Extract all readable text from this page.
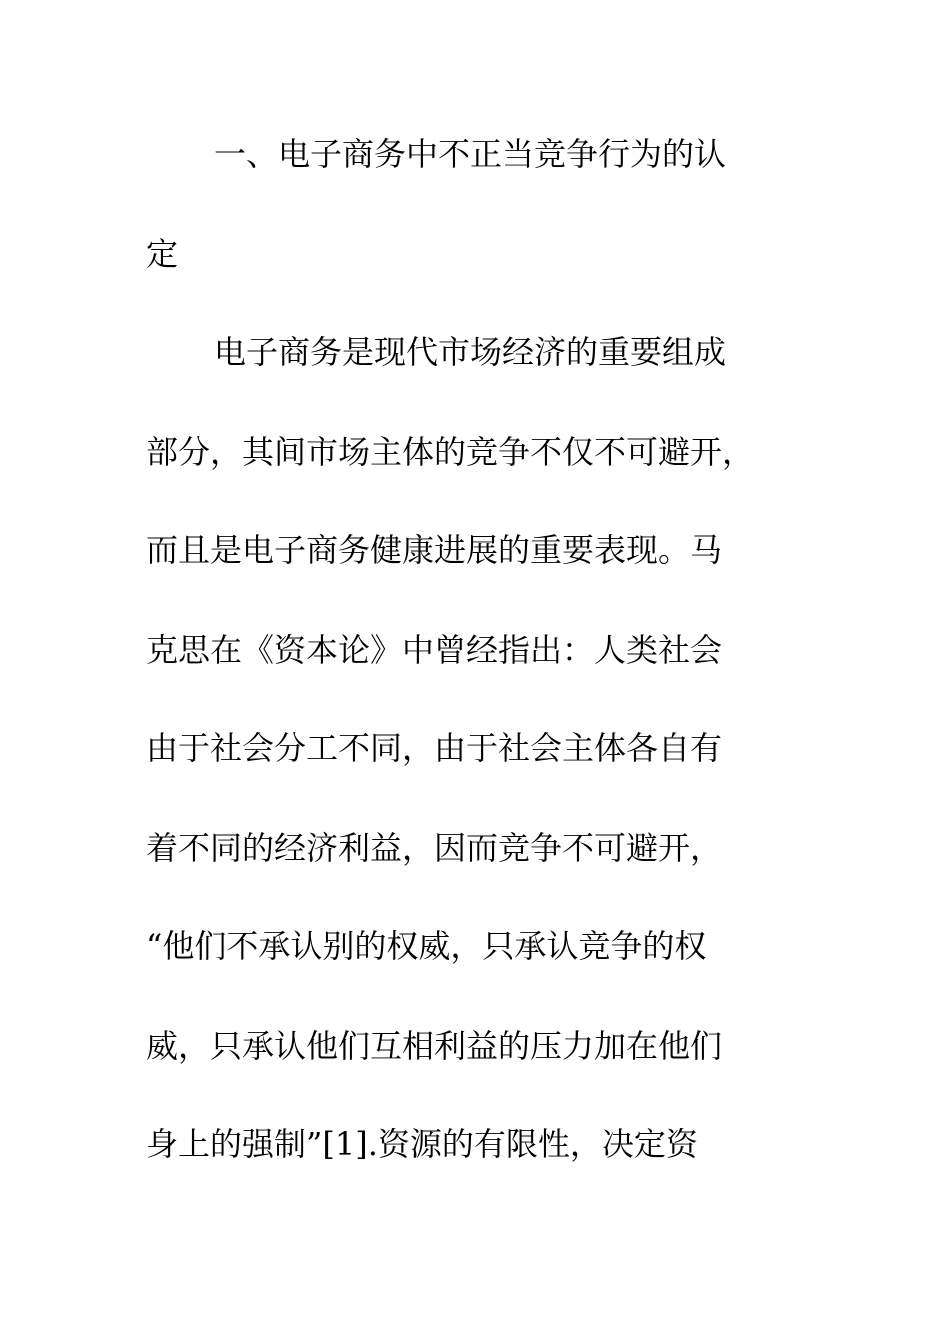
一、电子商务中不正当竞争行为的认
定
电子商务是现代市场经济的重要组成
部分，其间市场主体的竞争不仅不可避开，
而且是电子商务健康进展的重要表现。马
克思在《资本论》中曾经指出：人类社会
由于社会分工不同，由于社会主体各自有
着不同的经济利益，因而竞争不可避开，
“他们不承认别的权威，只承认竞争的权
威，只承认他们互相利益的压力加在他们
身上的强制”[1].资源的有限性，决定资
